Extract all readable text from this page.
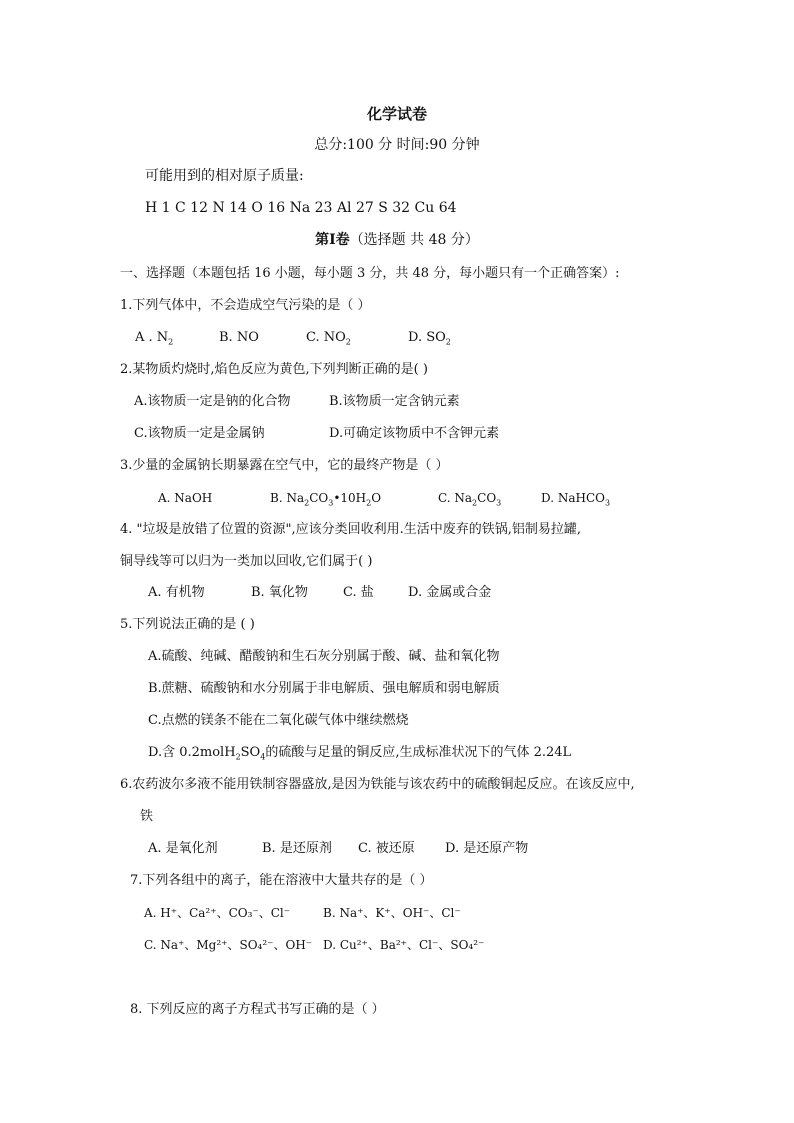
化学试卷
总分:100 分 时间:90 分钟
可能用到的相对原子质量:
H 1 C 12 N 14 O 16 Na 23 Al 27 S 32 Cu 64
第Ⅰ卷（选择题 共 48 分）
一、选择题（本题包括 16 小题，每小题 3 分，共 48 分，每小题只有一个正确答案）:
1.下列气体中，不会造成空气污染的是（ ）
A . $N_2$	B. NO	C. $NO_2$	D. $SO_2$
2.某物质灼烧时,焰色反应为黄色,下列判断正确的是( )
A.该物质一定是钠的化合物	B.该物质一定含钠元素
C.该物质一定是金属钠	D.可确定该物质中不含钾元素
3.少量的金属钠长期暴露在空气中，它的最终产物是（ ）
A. NaOH	B. $Na_2CO_3•10H_2O$	C. $Na_2CO_3$	D. NaHCO$_3$
4. "垃圾是放错了位置的资源",应该分类回收利用.生活中废弃的铁锅,铝制易拉罐,
铜导线等可以归为一类加以回收,它们属于( )
A. 有机物	B. 氧化物	C. 盐	D. 金属或合金
5.下列说法正确的是 ( )
A.硫酸、纯碱、醋酸钠和生石灰分别属于酸、碱、盐和氧化物
B.蔗糖、硫酸钠和水分别属于非电解质、强电解质和弱电解质
C.点燃的镁条不能在二氧化碳气体中继续燃烧
D.含 $0.2molH_2SO_4$的硫酸与足量的铜反应,生成标准状况下的气体 2.24L
6.农药波尔多液不能用铁制容器盛放,是因为铁能与该农药中的硫酸铜起反应。在该反应中,
铁
A. 是氧化剂	B. 是还原剂 C. 被还原 D. 是还原产物
7.下列各组中的离子，能在溶液中大量共存的是（ ）
A. H⁺、Ca²⁺、CO₃⁻、Cl⁻	B. Na⁺、K⁺、OH⁻、Cl⁻
C. Na⁺、Mg²⁺、SO₄²⁻、OH⁻ D. Cu²⁺、Ba²⁺、Cl⁻、SO₄²⁻
8. 下列反应的离子方程式书写正确的是（ ）
